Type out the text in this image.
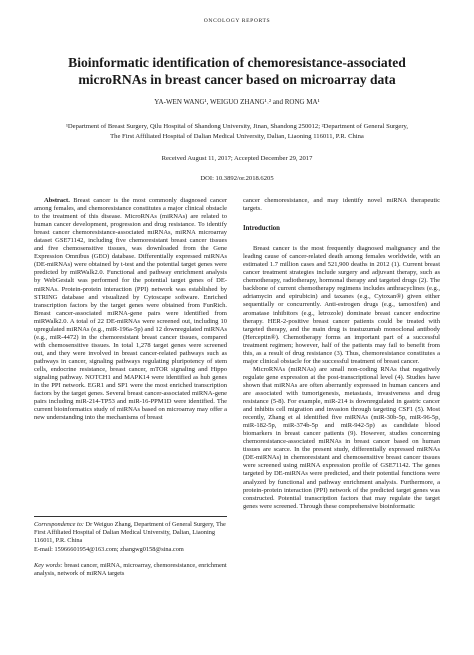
ONCOLOGY REPORTS
Bioinformatic identification of chemoresistance-associated
microRNAs in breast cancer based on microarray data
YA-WEN WANG¹, WEIGUO ZHANG¹˒² and RONG MA¹
¹Department of Breast Surgery, Qilu Hospital of Shandong University, Jinan, Shandong 250012; ²Department of General Surgery,
The First Affiliated Hospital of Dalian Medical University, Dalian, Liaoning 116011, P.R. China
Received August 11, 2017; Accepted December 29, 2017
DOI: 10.3892/or.2018.6205

Abstract. Breast cancer is the most commonly diagnosed cancer among females, and chemoresistance constitutes a major clinical obstacle to the treatment of this disease. MicroRNAs (miRNAs) are related to human cancer development, progression and drug resistance. To identify breast cancer chemoresistance-associated miRNAs, miRNA microarray dataset GSE71142, including five chemoresistant breast cancer tissues and five chemosensitive tissues, was downloaded from the Gene Expression Omnibus (GEO) database. Differentially expressed miRNAs (DE-miRNAs) were obtained by t-test and the potential target genes were predicted by miRWalk2.0. Functional and pathway enrichment analysis by WebGestalt was performed for the potential target genes of DE-miRNAs. Protein-protein interaction (PPI) network was established by STRING database and visualized by Cytoscape software. Enriched transcription factors by the target genes were obtained from FunRich. Breast cancer-associated miRNA-gene pairs were identified from miRWalk2.0. A total of 22 DE-miRNAs were screened out, including 10 upregulated miRNAs (e.g., miR-196a-5p) and 12 downregulated miRNAs (e.g., miR-4472) in the chemoresistant breast cancer tissues, compared with chemosensitive tissues. In total 1,278 target genes were screened out, and they were involved in breast cancer-related pathways such as pathways in cancer, signaling pathways regulating pluripotency of stem cells, endocrine resistance, breast cancer, mTOR signaling and Hippo signaling pathway. NOTCH1 and MAPK14 were identified as hub genes in the PPI network. EGR1 and SP1 were the most enriched transcription factors by the target genes. Several breast cancer-associated miRNA-gene pairs including miR-214-TP53 and miR-16-PPM1D were identified. The current bioinformatics study of miRNAs based on microarray may offer a new understanding into the mechanisms of breast

cancer chemoresistance, and may identify novel miRNA therapeutic targets.

Introduction

Breast cancer is the most frequently diagnosed malignancy and the leading cause of cancer-related death among females worldwide, with an estimated 1.7 million cases and 521,900 deaths in 2012 (1). Current breast cancer treatment strategies include surgery and adjuvant therapy, such as chemotherapy, radiotherapy, hormonal therapy and targeted drugs (2). The backbone of current chemotherapy regimens includes anthracyclines (e.g., adriamycin and epirubicin) and taxanes (e.g., Cytoxan®) given either sequentially or concurrently. Anti-estrogen drugs (e.g., tamoxifen) and aromatase inhibitors (e.g., letrozole) dominate breast cancer endocrine therapy. HER-2-positive breast cancer patients could be treated with targeted therapy, and the main drug is trastuzumab monoclonal antibody (Herceptin®). Chemotherapy forms an important part of a successful treatment regimen; however, half of the patients may fail to benefit from this, as a result of drug resistance (3). Thus, chemoresistance constitutes a major clinical obstacle for the successful treatment of breast cancer.

MicroRNAs (miRNAs) are small non-coding RNAs that negatively regulate gene expression at the post-transcriptional level (4). Studies have shown that miRNAs are often aberrantly expressed in human cancers and are associated with tumorigenesis, metastasis, invasiveness and drug resistance (5-8). For example, miR-214 is downregulated in gastric cancer and inhibits cell migration and invasion through targeting CSF1 (5). Most recently, Zhang et al identified five miRNAs (miR-30b-5p, miR-96-5p, miR-182-5p, miR-374b-5p and miR-942-5p) as candidate blood biomarkers in breast cancer patients (9). However, studies concerning chemoresistance-associated miRNAs in breast cancer based on human tissues are scarce. In the present study, differentially expressed miRNAs (DE-miRNAs) in chemoresistant and chemosensitive breast cancer tissues were screened using miRNA expression profile of GSE71142. The genes targeted by DE-miRNAs were predicted, and their potential functions were analyzed by functional and pathway enrichment analysis. Furthermore, a protein-protein interaction (PPI) network of the predicted target genes was constructed. Potential transcription factors that may regulate the target genes were screened. Through these comprehensive bioinformatic

Correspondence to: Dr Weiguo Zhang, Department of General Surgery, The First Affiliated Hospital of Dalian Medical University, Dalian, Liaoning 116011, P.R. China

E-mail: 15966601954@163.com; zhangwg0158@sina.com

Key words: breast cancer, miRNA, microarray, chemoresistance, enrichment analysis, network of miRNA targets
